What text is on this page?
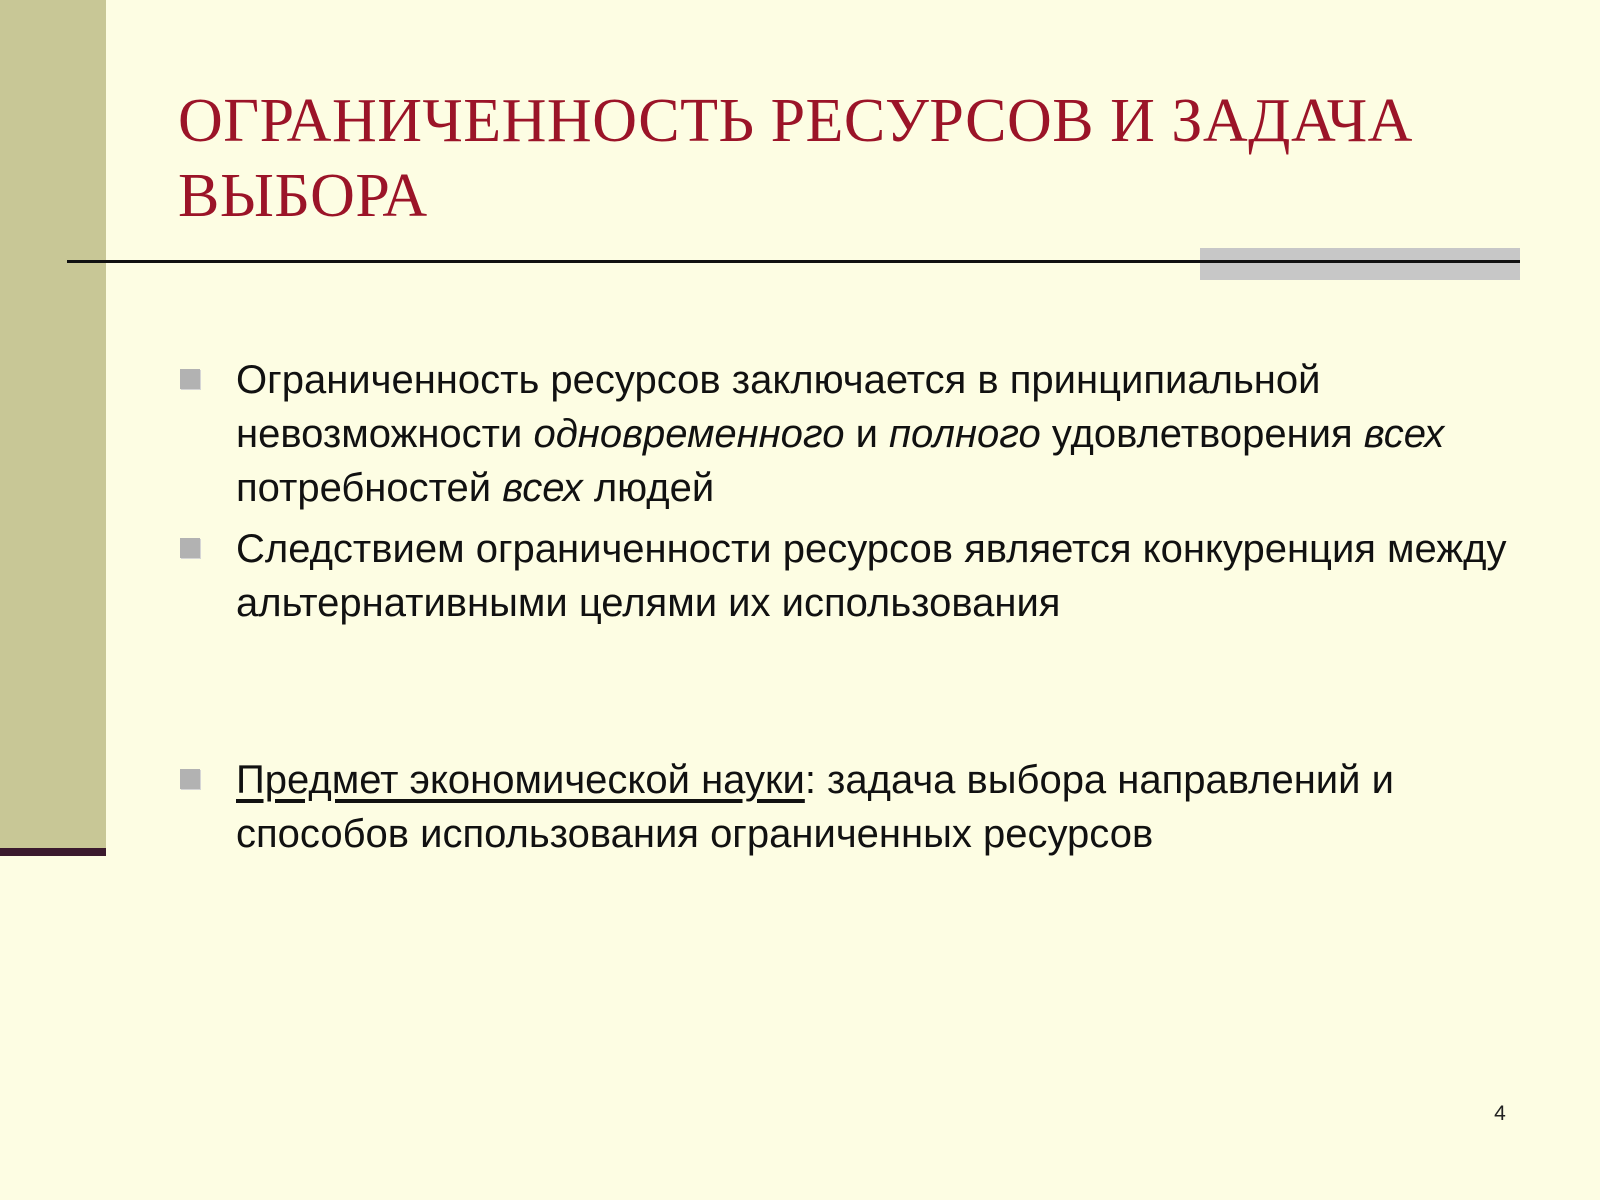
ОГРАНИЧЕННОСТЬ РЕСУРСОВ И ЗАДАЧА
ВЫБОРА
Ограниченность ресурсов заключается в принципиальной невозможности одновременного и полного удовлетворения всех потребностей всех людей
Следствием ограниченности ресурсов является конкуренция между альтернативными целями их использования
Предмет экономической науки: задача выбора направлений и способов использования ограниченных ресурсов
4
